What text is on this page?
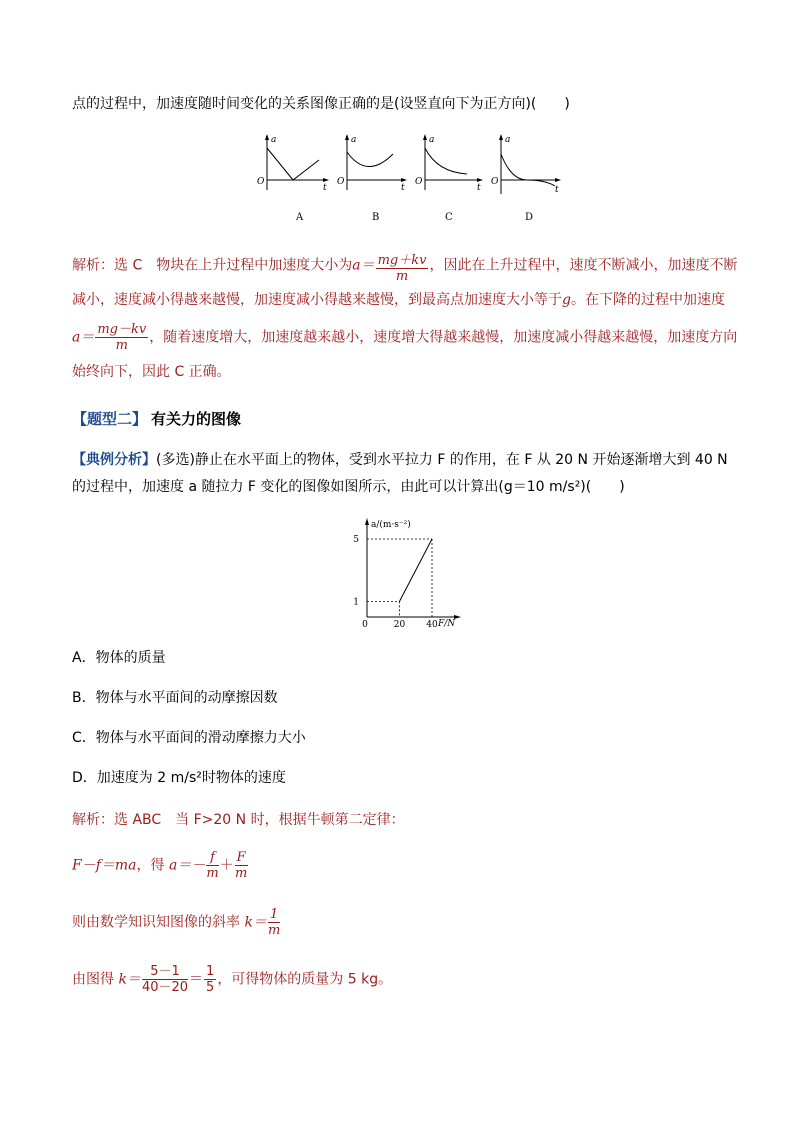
点的过程中，加速度随时间变化的关系图像正确的是(设竖直向下为正方向)(　　)
a
O
t
A
a
O
t
B
a
O
t
C
a
O
t
D
解析：选 C　物块在上升过程中加速度大小为$a= \frac{mg+kv}{m}$ ，因此在上升过程中，速度不断减小，加速度不断
减小，速度减小得越来越慢，加速度减小得越来越慢，到最高点加速度大小等于g。在下降的过程中加速度
$a= \frac{mg-kv}{m}$ ，随着速度增大，加速度越来越小，速度增大得越来越慢，加速度减小得越来越慢，加速度方向
始终向下，因此 C 正确。
【题型二】 有关力的图像
【典例分析】(多选)静止在水平面上的物体，受到水平拉力 F 的作用，在 F 从 20 N 开始逐渐增大到 40 N
的过程中，加速度 a 随拉力 F 变化的图像如图所示，由此可以计算出(g＝10 m/s²)(　　)
1
5
0	20 40
a/(m·s⁻²)
F/N
A．物体的质量
B．物体与水平面间的动摩擦因数
C．物体与水平面间的滑动摩擦力大小
D．加速度为 2 m/s²时物体的速度
解析：选 ABC　当 F>20 N 时，根据牛顿第二定律：
F－f＝ma，得 $a=- \frac{f}{m} + \frac{F}{m}$
则由数学知识知图像的斜率 $k= \frac{1}{m}$
由图得 $k= \frac{5-1}{40-20} = \frac{1}{5}$ ，可得物体的质量为 5 kg。
